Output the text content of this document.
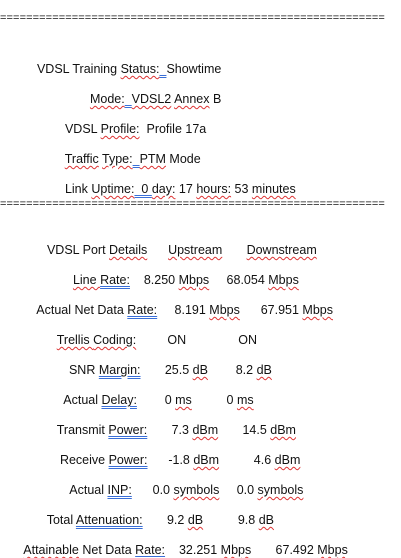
===========================================================

VDSL Training Status: Showtime

Mode: VDSL2 Annex B

VDSL Profile:  Profile 17a

Traffic Type: PTM Mode

Link Uptime:  0 day: 17 hours: 53 minutes

===========================================================

VDSL Port Details Upstream Downstream

Line Rate:    8.250 Mbps     68.054 Mbps

Actual Net Data Rate:     8.191 Mbps      67.951 Mbps

Trellis Coding:         ON               ON

SNR Margin:       25.5 dB        8.2 dB

Actual Delay:        0 ms          0 ms

Transmit Power:       7.3 dBm       14.5 dBm

Receive Power:      -1.8 dBm          4.6 dBm

Actual INP:      0.0 symbols     0.0 symbols

Total Attenuation:       9.2 dB          9.8 dB

Attainable Net Data Rate:    32.251 Mbps       67.492 Mbps
